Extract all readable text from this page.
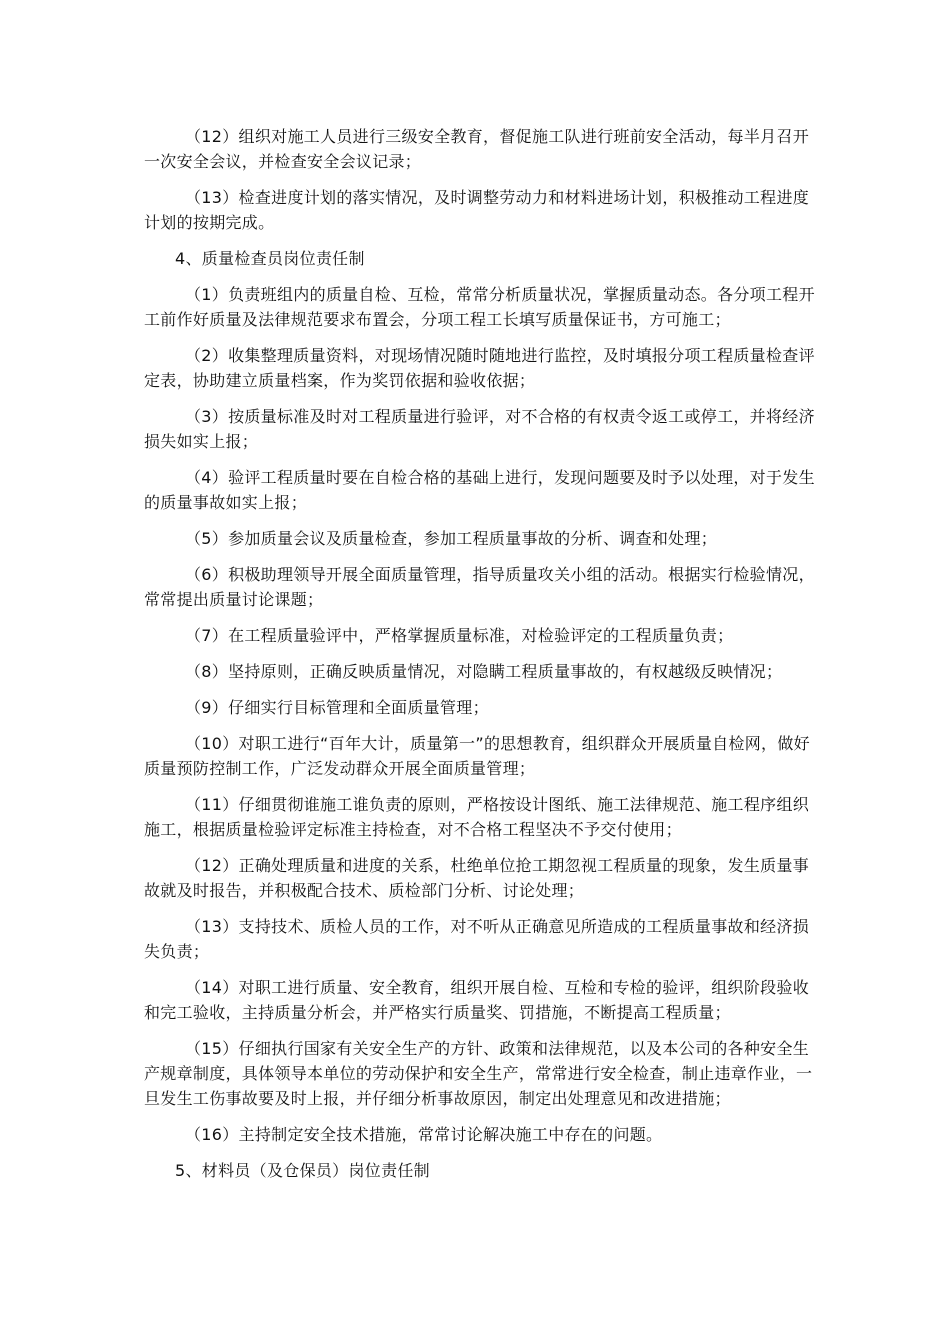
（12）组织对施工人员进行三级安全教育，督促施工队进行班前安全活动，每半月召开一次安全会议，并检查安全会议记录；

（13）检查进度计划的落实情况，及时调整劳动力和材料进场计划，积极推动工程进度计划的按期完成。

4、质量检查员岗位责任制

（1）负责班组内的质量自检、互检，常常分析质量状况，掌握质量动态。各分项工程开工前作好质量及法律规范要求布置会，分项工程工长填写质量保证书，方可施工；

（2）收集整理质量资料，对现场情况随时随地进行监控，及时填报分项工程质量检查评定表，协助建立质量档案，作为奖罚依据和验收依据；

（3）按质量标准及时对工程质量进行验评，对不合格的有权责令返工或停工，并将经济损失如实上报；

（4）验评工程质量时要在自检合格的基础上进行，发现问题要及时予以处理，对于发生的质量事故如实上报；

（5）参加质量会议及质量检查，参加工程质量事故的分析、调查和处理；

（6）积极助理领导开展全面质量管理，指导质量攻关小组的活动。根据实行检验情况，常常提出质量讨论课题；

（7）在工程质量验评中，严格掌握质量标准，对检验评定的工程质量负责；

（8）坚持原则，正确反映质量情况，对隐瞒工程质量事故的，有权越级反映情况；

（9）仔细实行目标管理和全面质量管理；

（10）对职工进行“百年大计，质量第一”的思想教育，组织群众开展质量自检网，做好质量预防控制工作，广泛发动群众开展全面质量管理；

（11）仔细贯彻谁施工谁负责的原则，严格按设计图纸、施工法律规范、施工程序组织施工，根据质量检验评定标准主持检查，对不合格工程坚决不予交付使用；

（12）正确处理质量和进度的关系，杜绝单位抢工期忽视工程质量的现象，发生质量事故就及时报告，并积极配合技术、质检部门分析、讨论处理；

（13）支持技术、质检人员的工作，对不听从正确意见所造成的工程质量事故和经济损失负责；

（14）对职工进行质量、安全教育，组织开展自检、互检和专检的验评，组织阶段验收和完工验收，主持质量分析会，并严格实行质量奖、罚措施，不断提高工程质量；

（15）仔细执行国家有关安全生产的方针、政策和法律规范，以及本公司的各种安全生产规章制度，具体领导本单位的劳动保护和安全生产，常常进行安全检查，制止违章作业，一旦发生工伤事故要及时上报，并仔细分析事故原因，制定出处理意见和改进措施；

（16）主持制定安全技术措施，常常讨论解决施工中存在的问题。

5、材料员（及仓保员）岗位责任制
